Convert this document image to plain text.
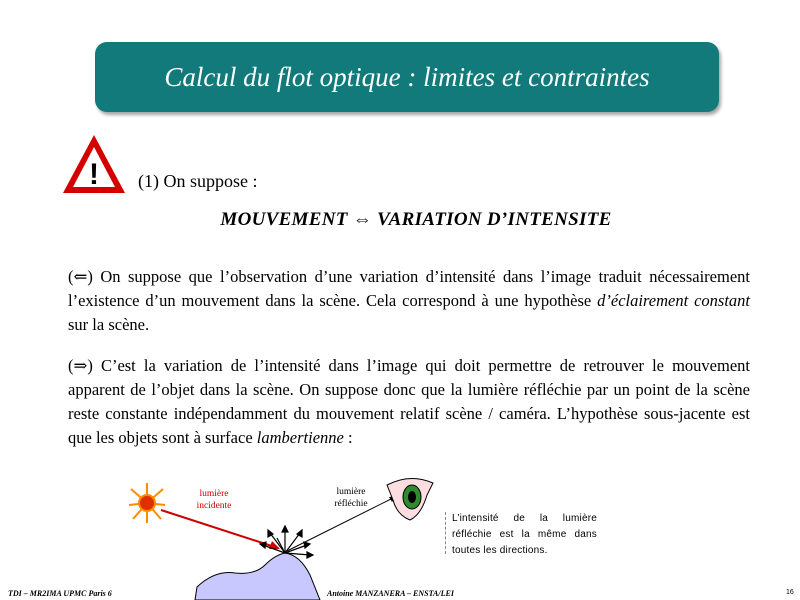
Calcul du flot optique : limites et contraintes
! (1) On suppose :
MOUVEMENT ⇔ VARIATION D’INTENSITE
(⇐) On suppose que l’observation d’une variation d’intensité dans l’image traduit nécessairement l’existence d’un mouvement dans la scène. Cela correspond à une hypothèse d’éclairement constant sur la scène.
(⇒) C’est la variation de l’intensité dans l’image qui doit permettre de retrouver le mouvement apparent de l’objet dans la scène. On suppose donc que la lumière réfléchie par un point de la scène reste constante indépendamment du mouvement relatif scène / caméra. L’hypothèse sous-jacente est que les objets sont à surface lambertienne :
lumière
incidente
lumière
réfléchie
L’intensité de la lumière réfléchie est la même dans toutes les directions.
TDI – MR2IMA UPMC Paris 6	Antoine MANZANERA – ENSTA/LEI	16
